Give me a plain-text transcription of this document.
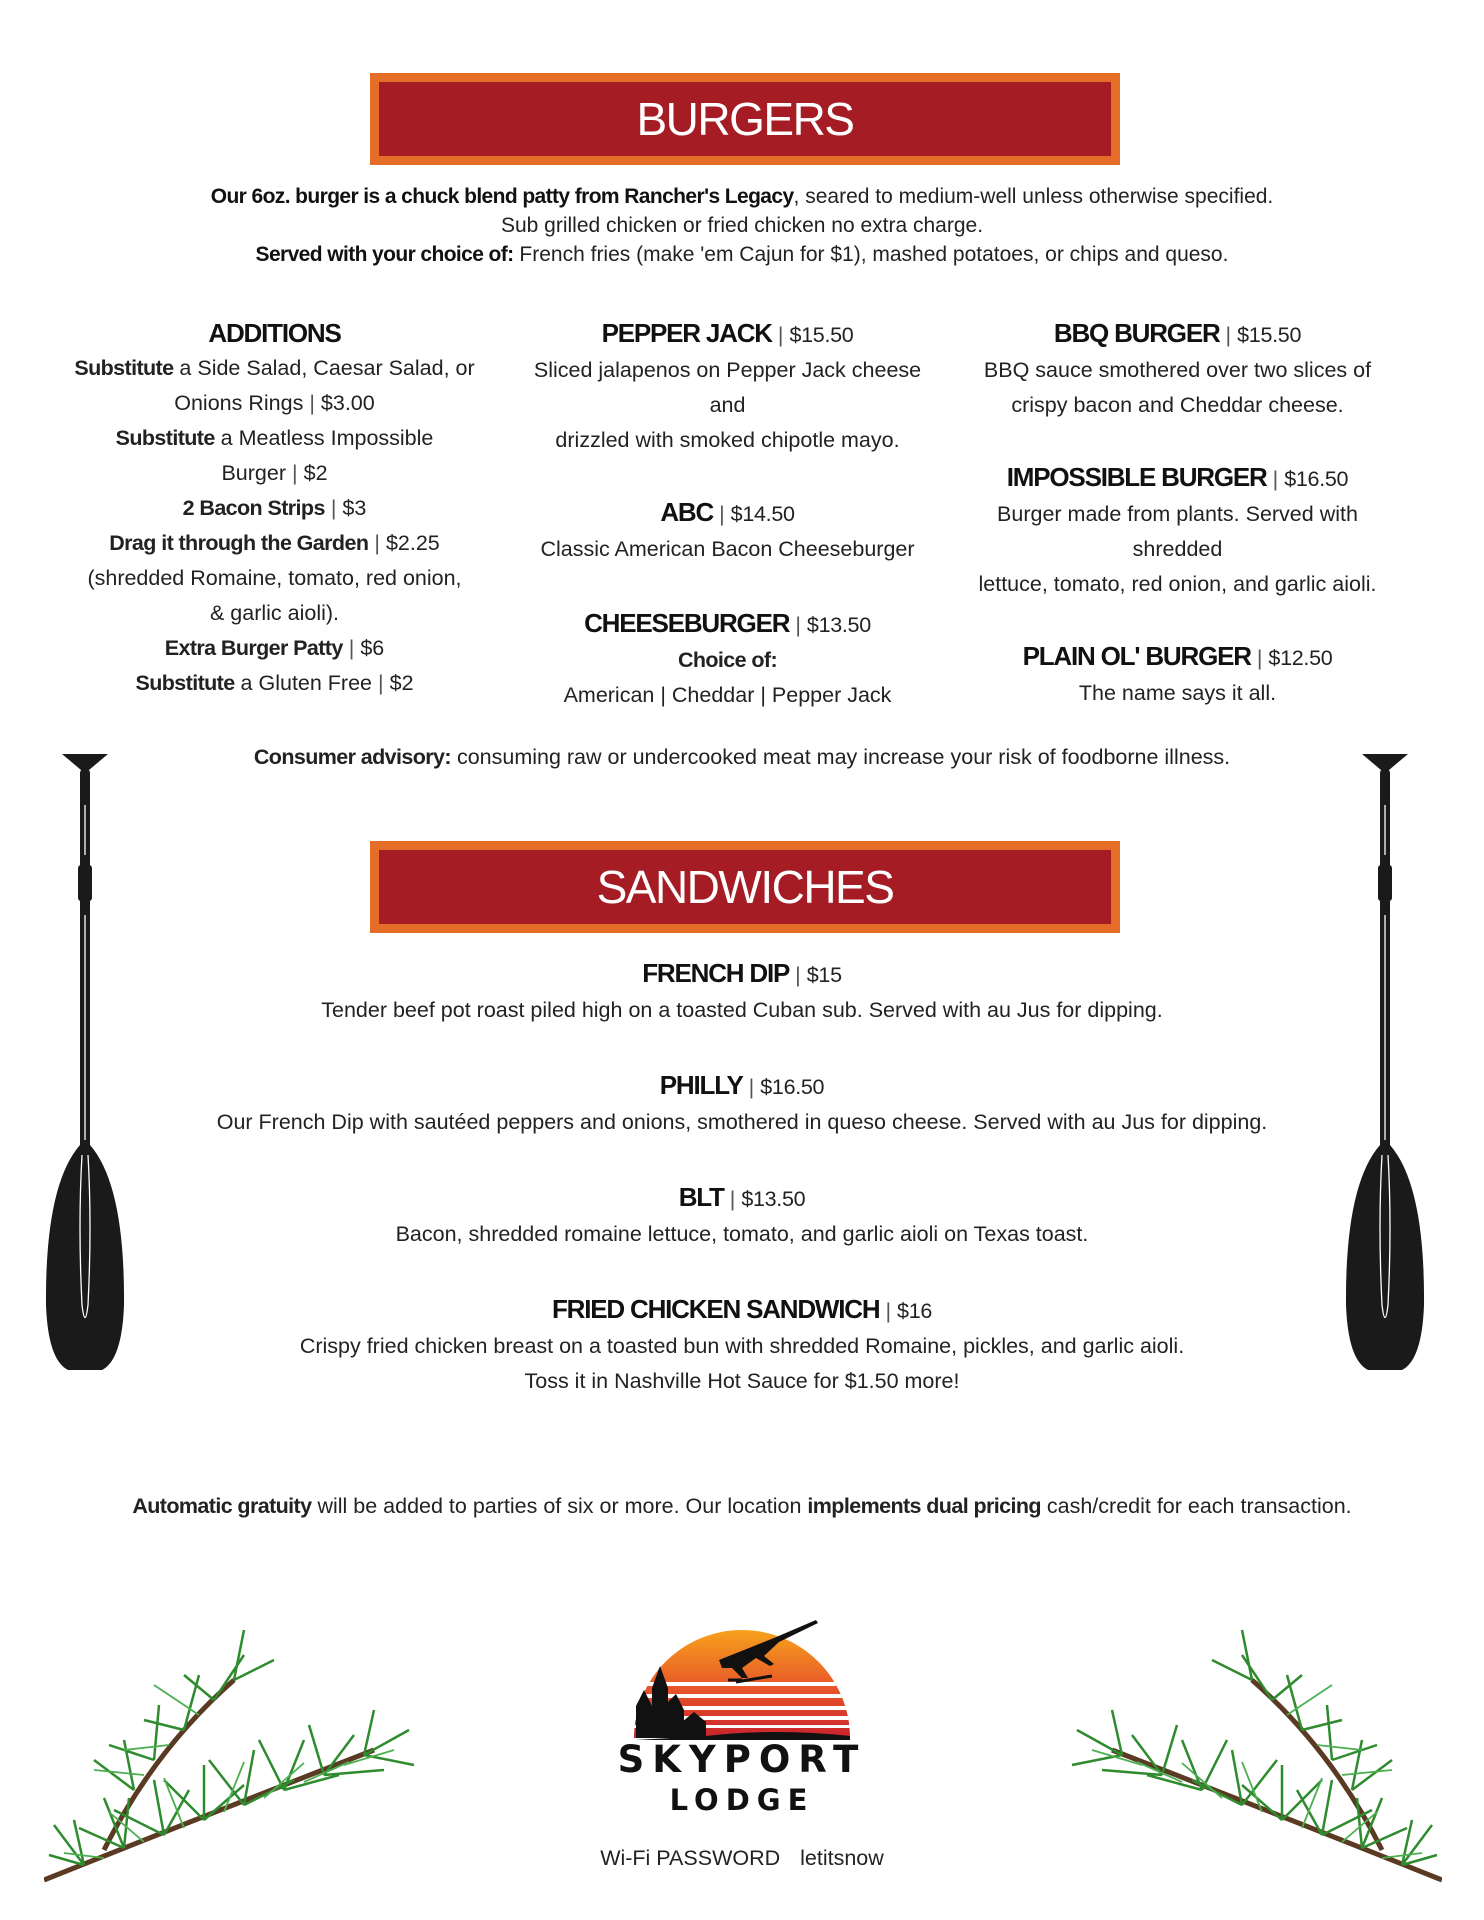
BURGERS
Our 6oz. burger is a chuck blend patty from Rancher's Legacy, seared to medium-well unless otherwise specified.
Sub grilled chicken or fried chicken no extra charge.
Served with your choice of: French fries (make 'em Cajun for $1), mashed potatoes, or chips and queso.
ADDITIONS
Substitute a Side Salad, Caesar Salad, or
Onions Rings | $3.00
Substitute a Meatless Impossible Burger | $2
2 Bacon Strips | $3
Drag it through the Garden | $2.25
(shredded Romaine, tomato, red onion,
& garlic aioli).
Extra Burger Patty | $6
Substitute a Gluten Free | $2
PEPPER JACK | $15.50
Sliced jalapenos on Pepper Jack cheese and
drizzled with smoked chipotle mayo.
ABC | $14.50
Classic American Bacon Cheeseburger
CHEESEBURGER | $13.50
Choice of:
American | Cheddar | Pepper Jack
BBQ BURGER | $15.50
BBQ sauce smothered over two slices of
crispy bacon and Cheddar cheese.
IMPOSSIBLE BURGER | $16.50
Burger made from plants. Served with shredded
lettuce, tomato, red onion, and garlic aioli.
PLAIN OL' BURGER | $12.50
The name says it all.
Consumer advisory: consuming raw or undercooked meat may increase your risk of foodborne illness.
SANDWICHES
FRENCH DIP | $15
Tender beef pot roast piled high on a toasted Cuban sub. Served with au Jus for dipping.
PHILLY | $16.50
Our French Dip with sautéed peppers and onions, smothered in queso cheese. Served with au Jus for dipping.
BLT | $13.50
Bacon, shredded romaine lettuce, tomato, and garlic aioli on Texas toast.
FRIED CHICKEN SANDWICH | $16
Crispy fried chicken breast on a toasted bun with shredded Romaine, pickles, and garlic aioli.
Toss it in Nashville Hot Sauce for $1.50 more!
Automatic gratuity will be added to parties of six or more. Our location implements dual pricing cash/credit for each transaction.
SKYPORT
LODGE
Wi-Fi PASSWORD letitsnow
